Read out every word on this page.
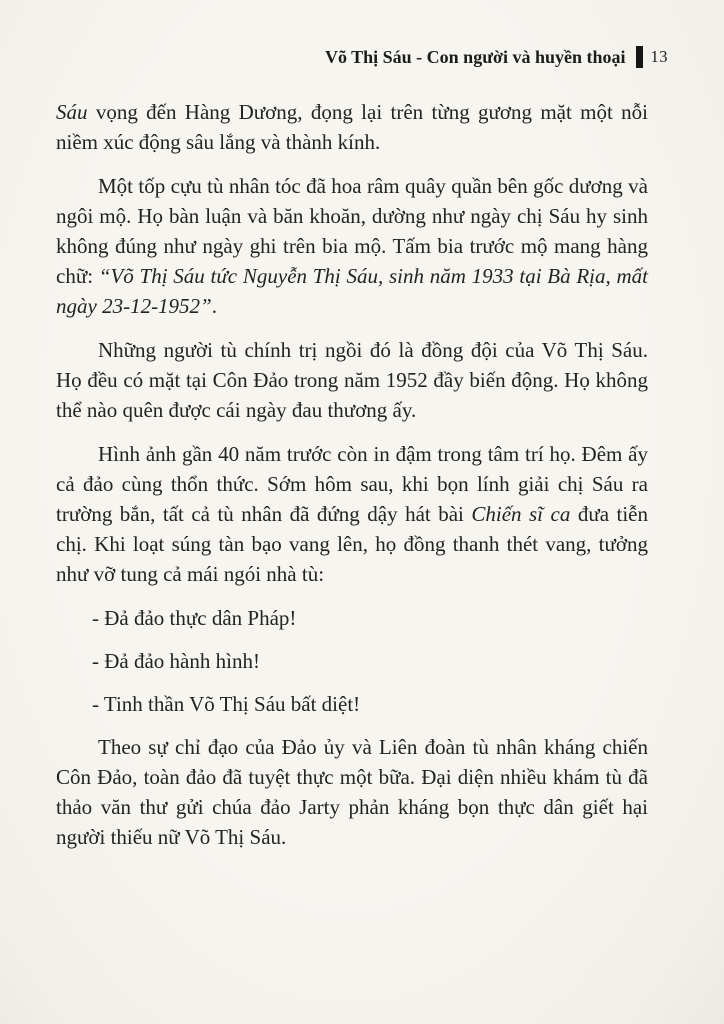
Võ Thị Sáu - Con người và huyền thoại 13

Sáu vọng đến Hàng Dương, đọng lại trên từng gương mặt một nỗi niềm xúc động sâu lắng và thành kính.

Một tốp cựu tù nhân tóc đã hoa râm quây quần bên gốc dương và ngôi mộ. Họ bàn luận và băn khoăn, dường như ngày chị Sáu hy sinh không đúng như ngày ghi trên bia mộ. Tấm bia trước mộ mang hàng chữ: “Võ Thị Sáu tức Nguyễn Thị Sáu, sinh năm 1933 tại Bà Rịa, mất ngày 23-12-1952”.

Những người tù chính trị ngồi đó là đồng đội của Võ Thị Sáu. Họ đều có mặt tại Côn Đảo trong năm 1952 đầy biến động. Họ không thể nào quên được cái ngày đau thương ấy.

Hình ảnh gần 40 năm trước còn in đậm trong tâm trí họ. Đêm ấy cả đảo cùng thổn thức. Sớm hôm sau, khi bọn lính giải chị Sáu ra trường bắn, tất cả tù nhân đã đứng dậy hát bài Chiến sĩ ca đưa tiễn chị. Khi loạt súng tàn bạo vang lên, họ đồng thanh thét vang, tưởng như vỡ tung cả mái ngói nhà tù:

- Đả đảo thực dân Pháp!

- Đả đảo hành hình!

- Tinh thần Võ Thị Sáu bất diệt!

Theo sự chỉ đạo của Đảo ủy và Liên đoàn tù nhân kháng chiến Côn Đảo, toàn đảo đã tuyệt thực một bữa. Đại diện nhiều khám tù đã thảo văn thư gửi chúa đảo Jarty phản kháng bọn thực dân giết hại người thiếu nữ Võ Thị Sáu.
